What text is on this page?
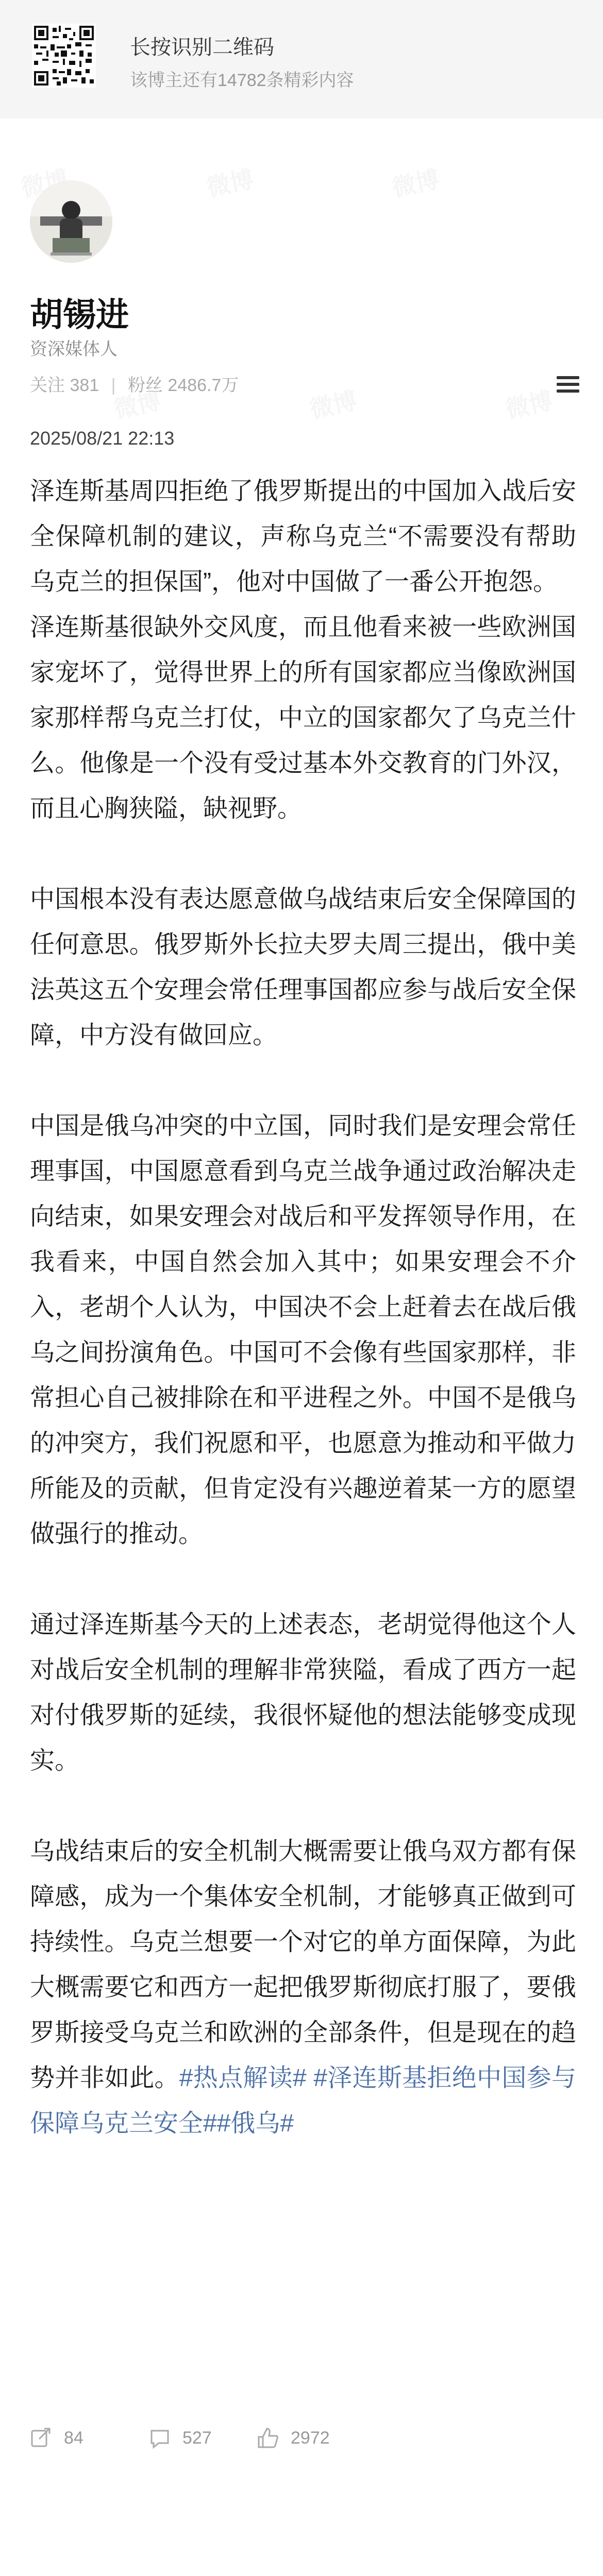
长按识别二维码
该博主还有14782条精彩内容
胡锡进
资深媒体人
关注 381 | 粉丝 2486.7万
2025/08/21 22:13

泽连斯基周四拒绝了俄罗斯提出的中国加入战后安全保障机制的建议，声称乌克兰“不需要没有帮助乌克兰的担保国”，他对中国做了一番公开抱怨。

泽连斯基很缺外交风度，而且他看来被一些欧洲国家宠坏了，觉得世界上的所有国家都应当像欧洲国家那样帮乌克兰打仗，中立的国家都欠了乌克兰什么。他像是一个没有受过基本外交教育的门外汉，而且心胸狭隘，缺视野。

中国根本没有表达愿意做乌战结束后安全保障国的任何意思。俄罗斯外长拉夫罗夫周三提出，俄中美法英这五个安理会常任理事国都应参与战后安全保障，中方没有做回应。

中国是俄乌冲突的中立国，同时我们是安理会常任理事国，中国愿意看到乌克兰战争通过政治解决走向结束，如果安理会对战后和平发挥领导作用，在我看来，中国自然会加入其中；如果安理会不介入，老胡个人认为，中国决不会上赶着去在战后俄乌之间扮演角色。中国可不会像有些国家那样，非常担心自己被排除在和平进程之外。中国不是俄乌的冲突方，我们祝愿和平，也愿意为推动和平做力所能及的贡献，但肯定没有兴趣逆着某一方的愿望做强行的推动。

通过泽连斯基今天的上述表态，老胡觉得他这个人对战后安全机制的理解非常狭隘，看成了西方一起对付俄罗斯的延续，我很怀疑他的想法能够变成现实。

乌战结束后的安全机制大概需要让俄乌双方都有保障感，成为一个集体安全机制，才能够真正做到可持续性。乌克兰想要一个对它的单方面保障，为此大概需要它和西方一起把俄罗斯彻底打服了，要俄罗斯接受乌克兰和欧洲的全部条件，但是现在的趋势并非如此。#热点解读# #泽连斯基拒绝中国参与保障乌克兰安全##俄乌#

84	527	2972
